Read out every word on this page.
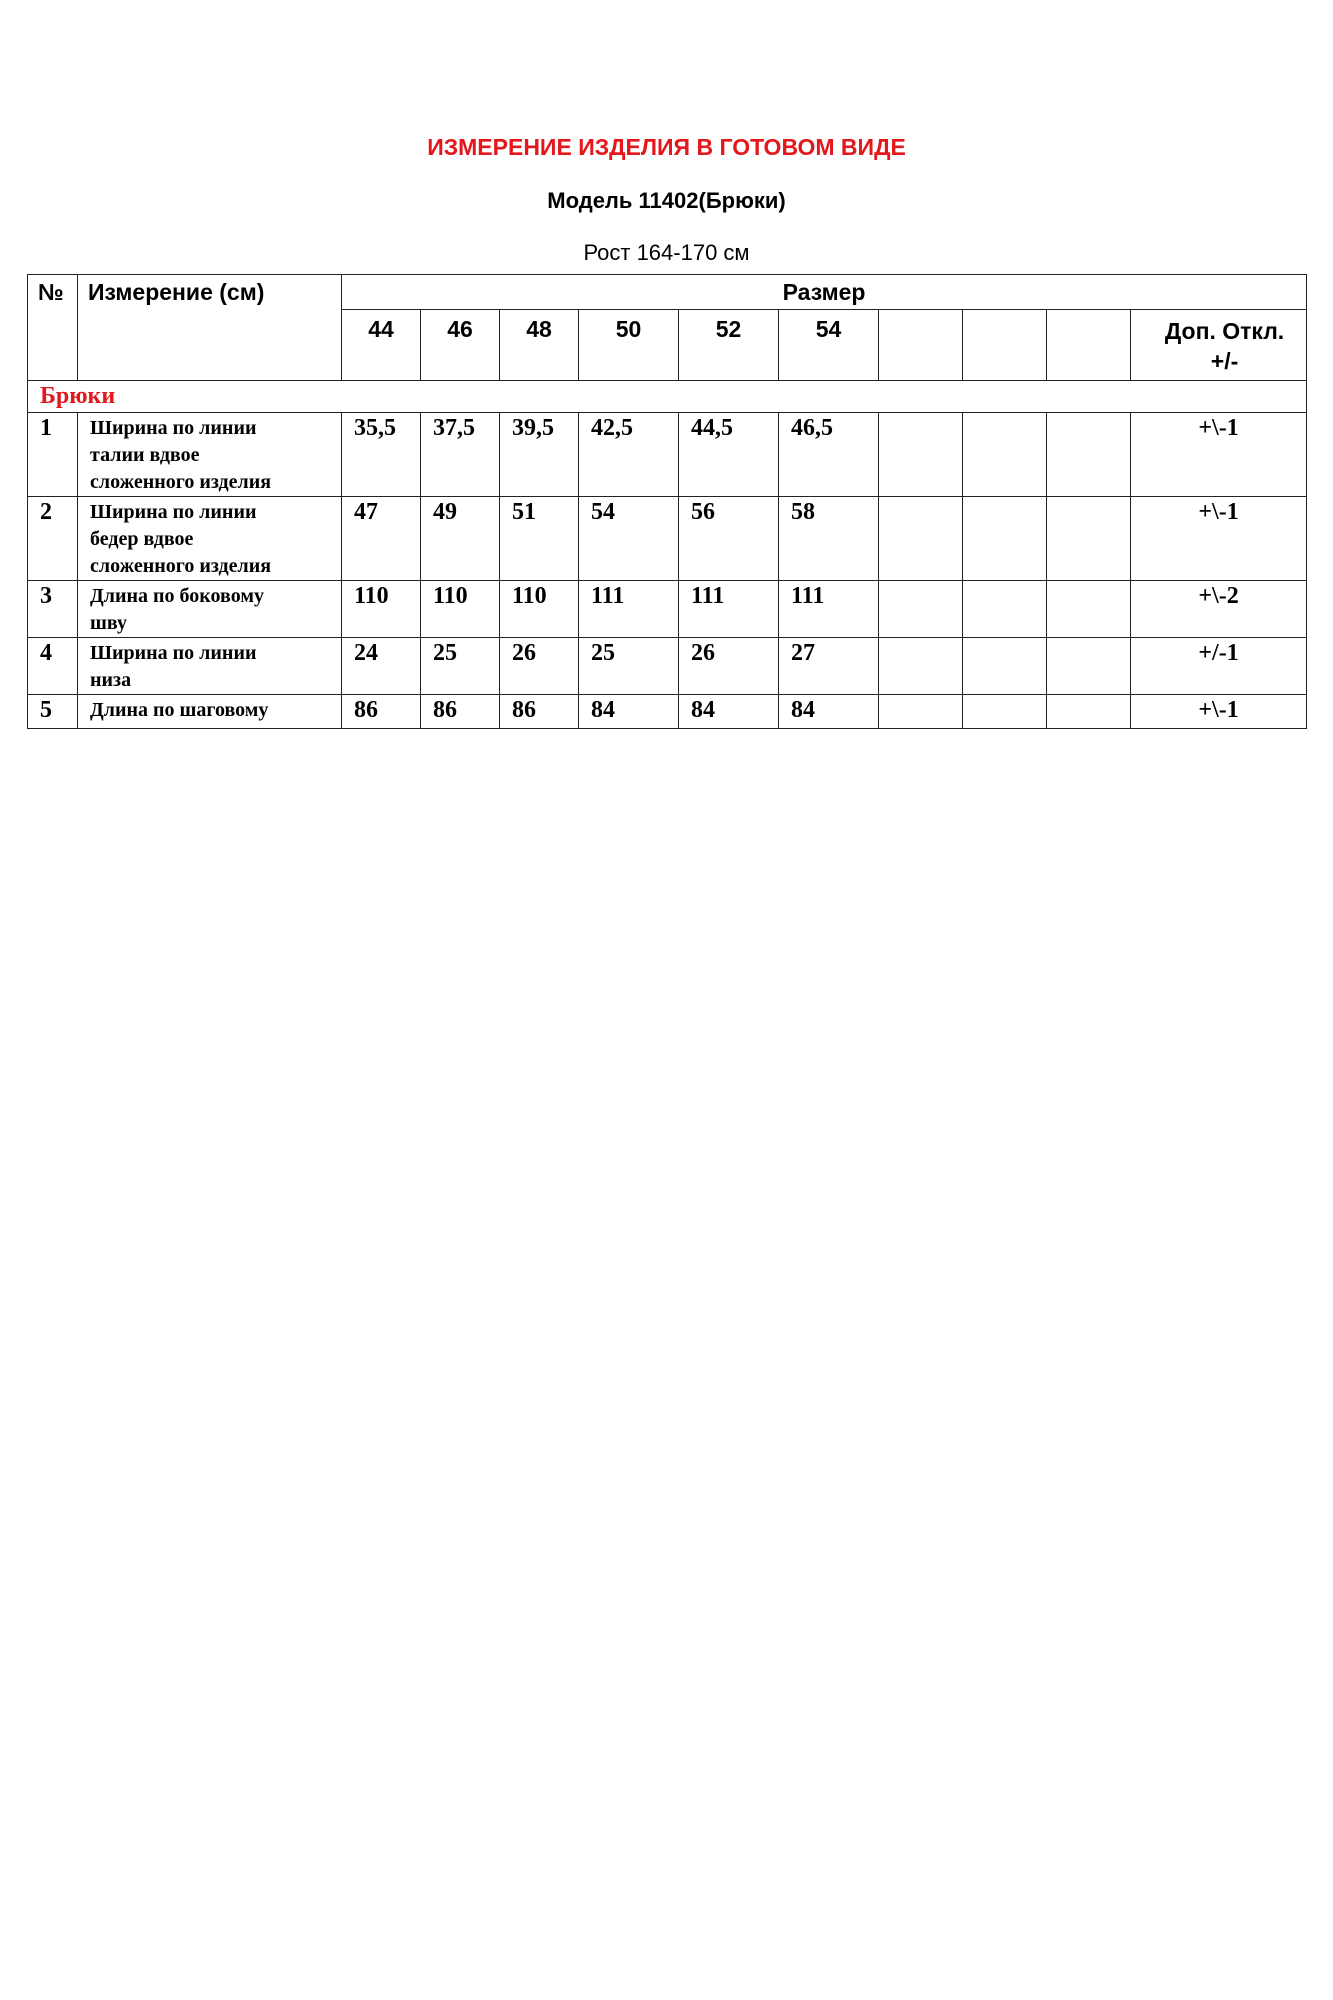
ИЗМЕРЕНИЕ ИЗДЕЛИЯ В ГОТОВОМ ВИДЕ
Модель 11402(Брюки)
Рост 164-170 см
№	Измерение (см)	Размер									
		44	46	48	50	52	54				Доп. Откл.
+/-

Брюки											
1	Ширина по линии
талии вдвое
сложенного изделия	35,5	37,5	39,5	42,5	44,5	46,5				+\-1
2	Ширина по линии
бедер вдвое
сложенного изделия	47	49	51	54	56	58				+\-1
3	Длина по боковому
шву	110	110	110	111	111	111				+\-2
4	Ширина по линии
низа	24	25	26	25	26	27				+/-1
5	Длина по шаговому	86	86	86	84	84	84				+\-1
